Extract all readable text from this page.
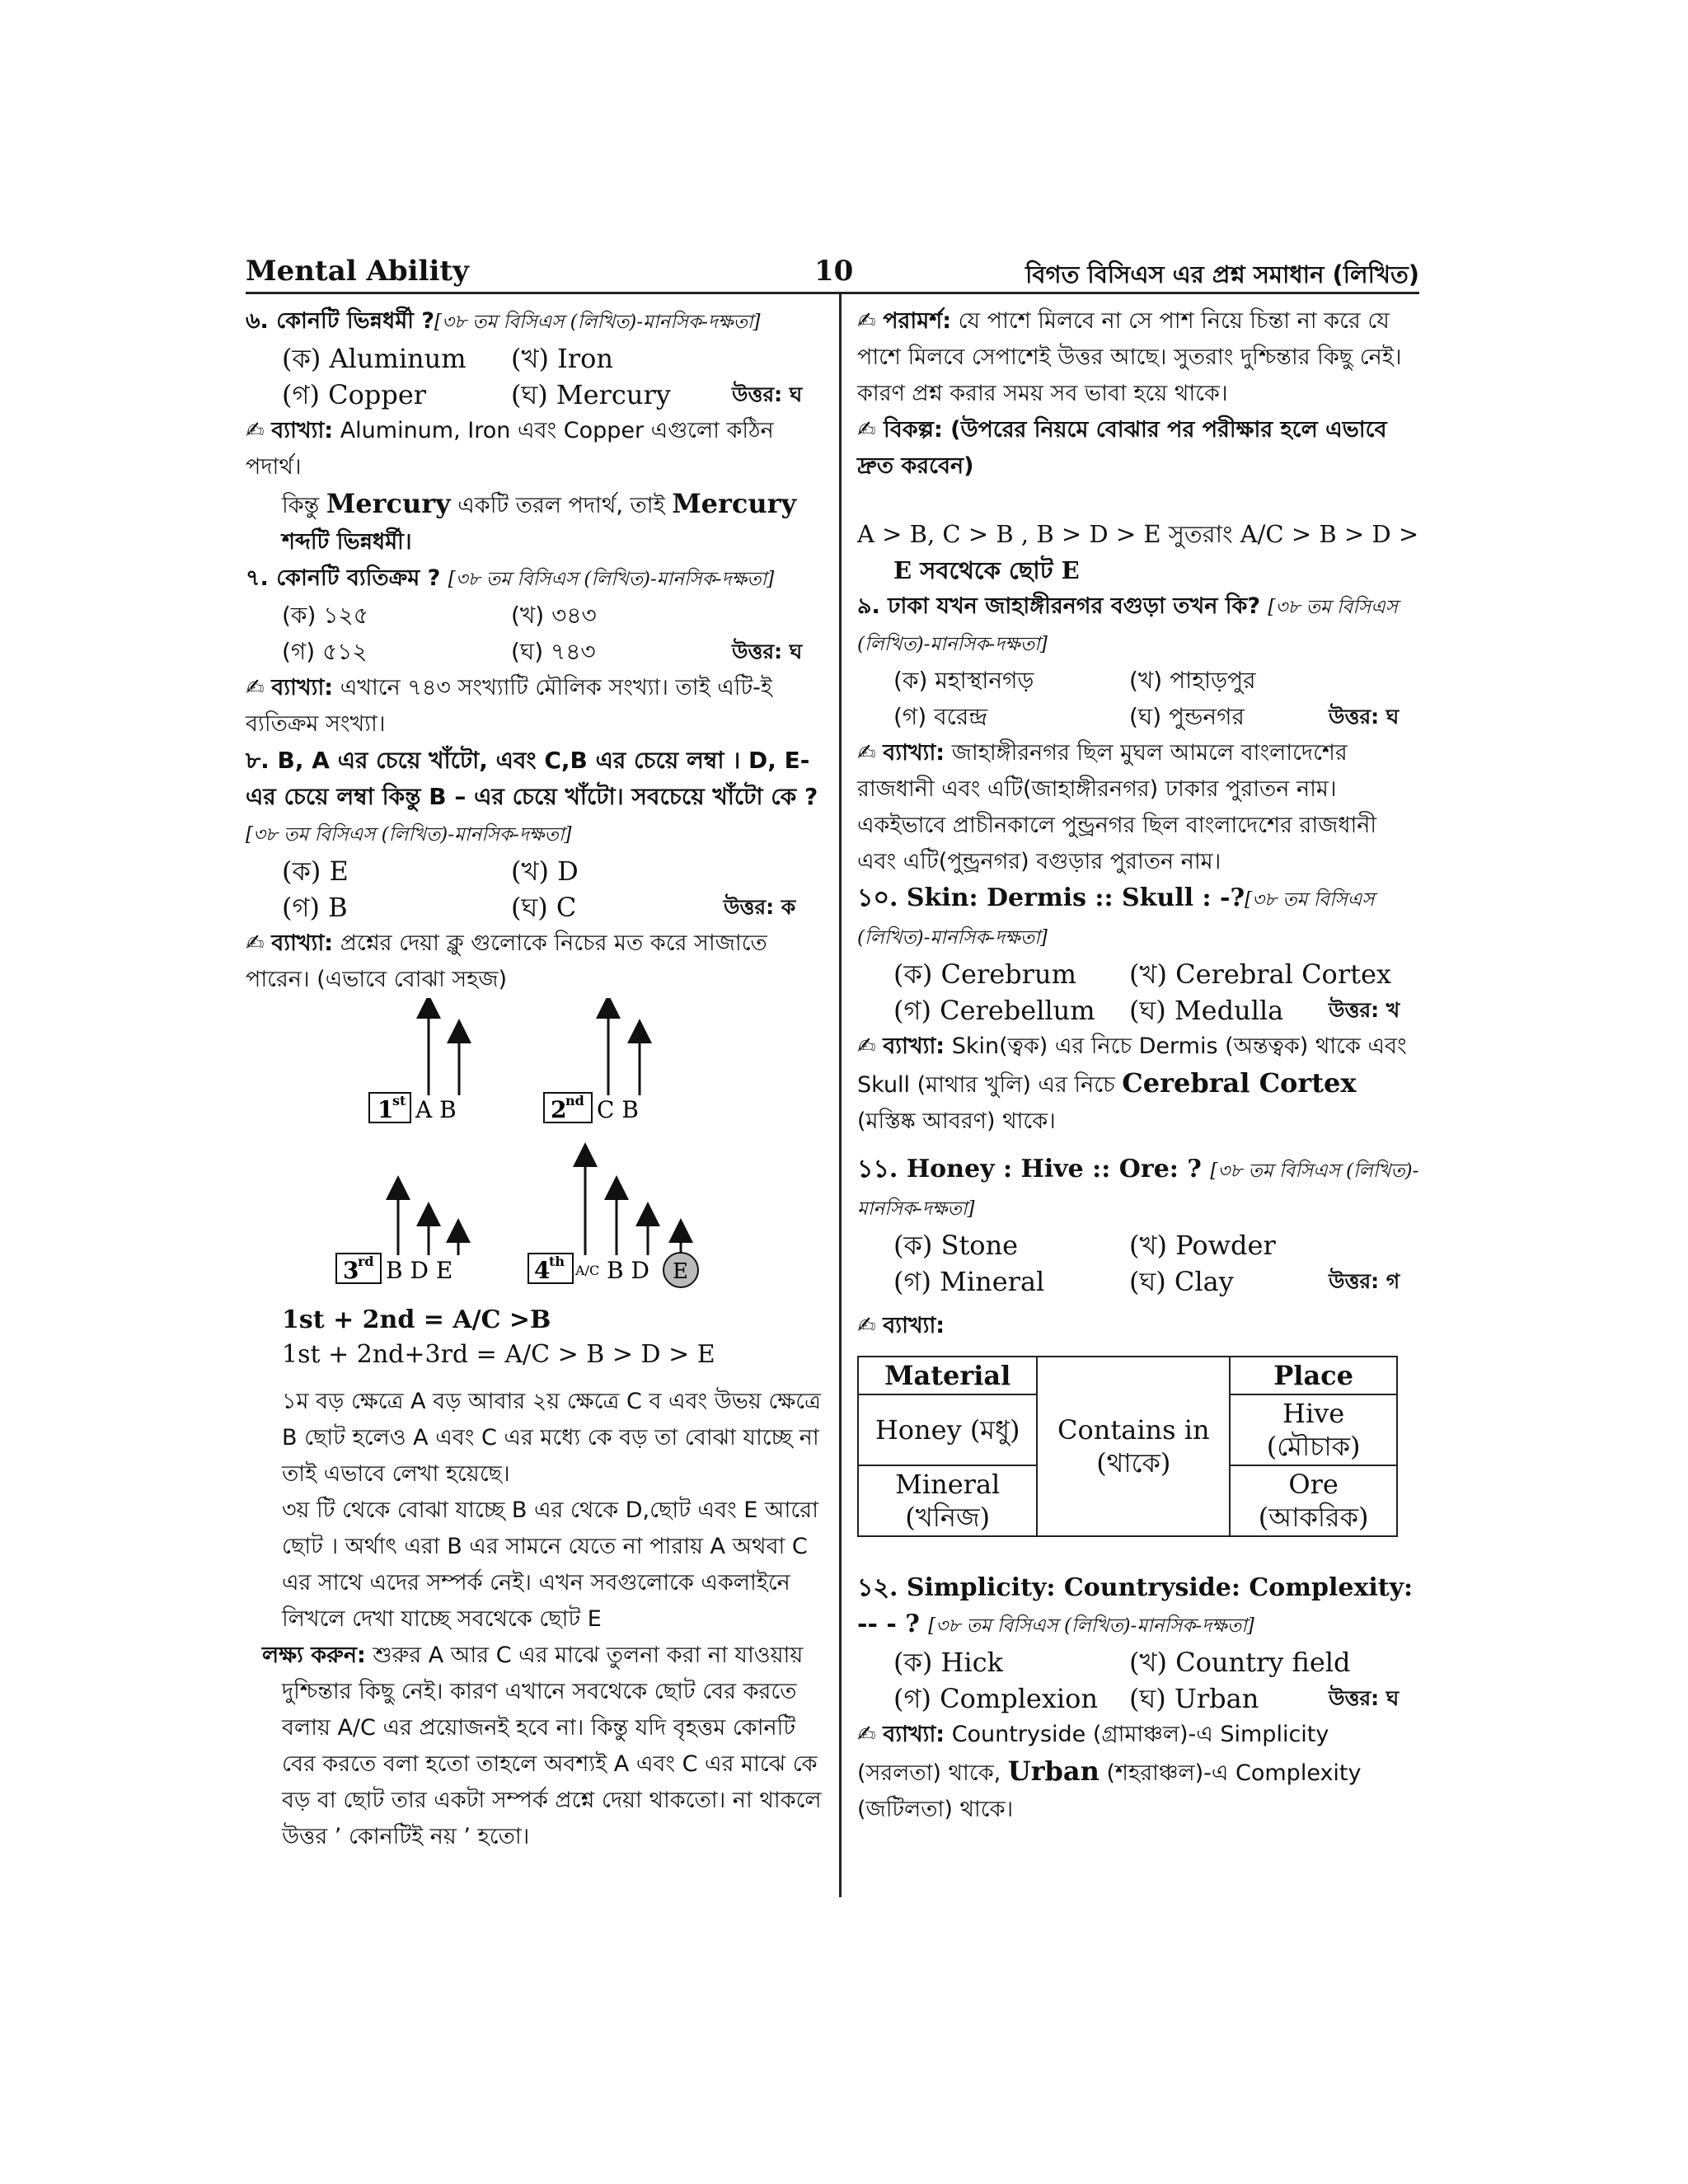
Mental Ability	10	বিগত বিসিএস এর প্রশ্ন সমাধান (লিখিত)
৬. কোনটি ভিন্নধর্মী ?[৩৮ তম বিসিএস (লিখিত)-মানসিক-দক্ষতা]
(ক) Aluminum (খ) Iron
(গ) Copper	(ঘ) Mercury	উত্তর: ঘ

✍ ব্যাখ্যা: Aluminum, Iron এবং Copper এগুলো কঠিন পদার্থ।

কিন্তু Mercury একটি তরল পদার্থ, তাই Mercury শব্দটি ভিন্নধর্মী।

৭. কোনটি ব্যতিক্রম ? [৩৮ তম বিসিএস (লিখিত)-মানসিক-দক্ষতা]
(ক) ১২৫	(খ) ৩৪৩
(গ) ৫১২	(ঘ) ৭৪৩	উত্তর: ঘ

✍ ব্যাখ্যা: এখানে ৭৪৩ সংখ্যাটি মৌলিক সংখ্যা। তাই এটি-ই ব্যতিক্রম সংখ্যা।

৮. B, A এর চেয়ে খাঁটো, এবং C,B এর চেয়ে লম্বা । D, E- এর চেয়ে লম্বা কিন্তু B – এর চেয়ে খাঁটো। সবচেয়ে খাঁটো কে ?[৩৮ তম বিসিএস (লিখিত)-মানসিক-দক্ষতা]
(ক) E	(খ) D
(গ) B	(ঘ) C	উত্তর: ক

✍ ব্যাখ্যা: প্রশ্নের দেয়া ক্লু গুলোকে নিচের মত করে সাজাতে পারেন। (এভাবে বোঝা সহজ)

1
st A B	2
nd C B
3
rd B D E	4
th
A/C B D E
1st + 2nd = A/C >B
1st + 2nd+3rd = A/C > B > D > E

১ম বড় ক্ষেত্রে A বড় আবার ২য় ক্ষেত্রে C ব এবং উভয় ক্ষেত্রে B ছোট হলেও A এবং C এর মধ্যে কে বড় তা বোঝা যাচ্ছে না তাই এভাবে লেখা হয়েছে।

৩য় টি থেকে বোঝা যাচ্ছে B এর থেকে D,ছোট এবং E আরো ছোট । অর্থাৎ এরা B এর সামনে যেতে না পারায় A অথবা C এর সাথে এদের সম্পর্ক নেই। এখন সবগুলোকে একলাইনে লিখলে দেখা যাচ্ছে সবথেকে ছোট E

লক্ষ্য করুন: শুরুর A আর C এর মাঝে তুলনা করা না যাওয়ায় দুশ্চিন্তার কিছু নেই। কারণ এখানে সবথেকে ছোট বের করতে বলায় A/C এর প্রয়োজনই হবে না। কিন্তু যদি বৃহত্তম কোনটি বের করতে বলা হতো তাহলে অবশ্যই A এবং C এর মাঝে কে বড় বা ছোট তার একটা সম্পর্ক প্রশ্নে দেয়া থাকতো। না থাকলে উত্তর ’ কোনটিই নয় ’ হতো।

✍ পরামর্শ: যে পাশে মিলবে না সে পাশ নিয়ে চিন্তা না করে যে পাশে মিলবে সেপাশেই উত্তর আছে। সুতরাং দুশ্চিন্তার কিছু নেই। কারণ প্রশ্ন করার সময় সব ভাবা হয়ে থাকে।

✍ বিকল্প: (উপরের নিয়মে বোঝার পর পরীক্ষার হলে এভাবে দ্রুত করবেন)

A > B, C > B , B > D > E সুতরাং A/C > B > D >

E সবথেকে ছোট E

৯. ঢাকা যখন জাহাঙ্গীরনগর বগুড়া তখন কি? [৩৮ তম বিসিএস (লিখিত)-মানসিক-দক্ষতা]
(ক) মহাস্থানগড়	(খ) পাহাড়পুর
(গ) বরেন্দ্র	(ঘ) পুন্ডনগর	উত্তর: ঘ

✍ ব্যাখ্যা: জাহাঙ্গীরনগর ছিল মুঘল আমলে বাংলাদেশের রাজধানী এবং এটি(জাহাঙ্গীরনগর) ঢাকার পুরাতন নাম। একইভাবে প্রাচীনকালে পুন্ড্রনগর ছিল বাংলাদেশের রাজধানী এবং এটি(পুন্ড্রনগর) বগুড়ার পুরাতন নাম।

১০. Skin: Dermis :: Skull : -?[৩৮ তম বিসিএস (লিখিত)-মানসিক-দক্ষতা]
(ক) Cerebrum (খ) Cerebral Cortex
(গ) Cerebellum (ঘ) Medulla উত্তর: খ

✍ ব্যাখ্যা: Skin(ত্বক) এর নিচে Dermis (অন্তত্বক) থাকে এবং Skull (মাথার খুলি) এর নিচে Cerebral Cortex (মস্তিষ্ক আবরণ) থাকে।

১১. Honey : Hive :: Ore: ? [৩৮ তম বিসিএস (লিখিত)-মানসিক-দক্ষতা]
(ক) Stone	(খ) Powder
(গ) Mineral	(ঘ) Clay	উত্তর: গ

✍ ব্যাখ্যা:

Material	Contains in (থাকে)	Place
Honey (মধু)		Hive (মৌচাক)
Mineral (খনিজ)		Ore (আকরিক)
১২. Simplicity: Countryside: Complexity: -- - ? [৩৮ তম বিসিএস (লিখিত)-মানসিক-দক্ষতা]
(ক) Hick	(খ) Country field
(গ) Complexion (ঘ) Urban	উত্তর: ঘ

✍ ব্যাখ্যা: Countryside (গ্রামাঞ্চল)-এ Simplicity (সরলতা) থাকে, Urban (শহরাঞ্চল)-এ Complexity (জটিলতা) থাকে।
